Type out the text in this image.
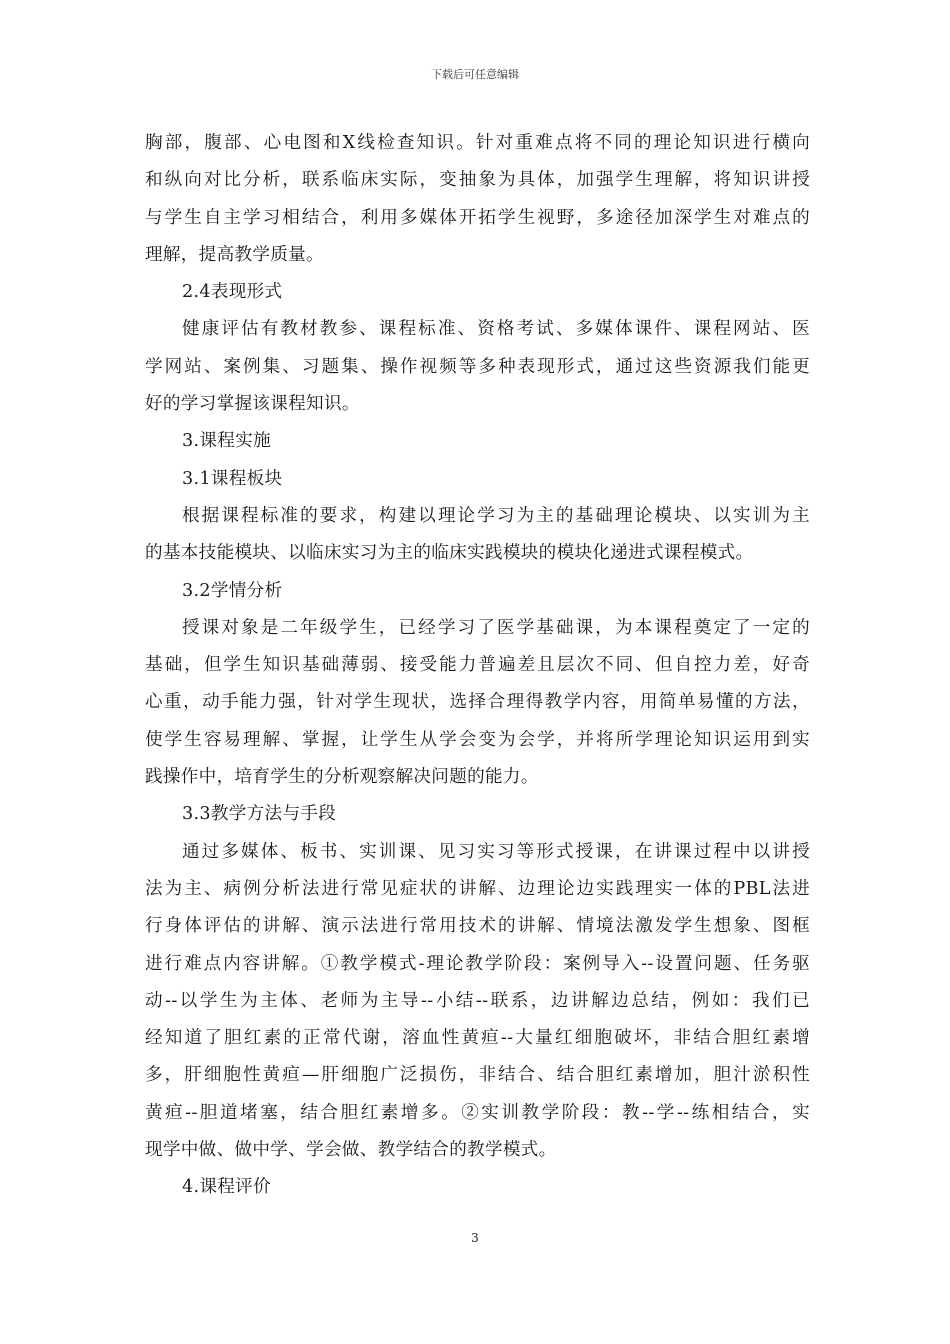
下载后可任意编辑
胸部，腹部、心电图和X线检查知识。针对重难点将不同的理论知识进行横向
和纵向对比分析，联系临床实际，变抽象为具体，加强学生理解，将知识讲授
与学生自主学习相结合，利用多媒体开拓学生视野，多途径加深学生对难点的
理解，提高教学质量。
2.4表现形式
健康评估有教材教参、课程标准、资格考试、多媒体课件、课程网站、医
学网站、案例集、习题集、操作视频等多种表现形式，通过这些资源我们能更
好的学习掌握该课程知识。
3.课程实施
3.1课程板块
根据课程标准的要求，构建以理论学习为主的基础理论模块、以实训为主
的基本技能模块、以临床实习为主的临床实践模块的模块化递进式课程模式。
3.2学情分析
授课对象是二年级学生，已经学习了医学基础课，为本课程奠定了一定的
基础，但学生知识基础薄弱、接受能力普遍差且层次不同、但自控力差，好奇
心重，动手能力强，针对学生现状，选择合理得教学内容，用简单易懂的方法，
使学生容易理解、掌握，让学生从学会变为会学，并将所学理论知识运用到实
践操作中，培育学生的分析观察解决问题的能力。
3.3教学方法与手段
通过多媒体、板书、实训课、见习实习等形式授课，在讲课过程中以讲授
法为主、病例分析法进行常见症状的讲解、边理论边实践理实一体的PBL法进
行身体评估的讲解、演示法进行常用技术的讲解、情境法激发学生想象、图框
进行难点内容讲解。①教学模式-理论教学阶段：案例导入--设置问题、任务驱
动--以学生为主体、老师为主导--小结--联系，边讲解边总结，例如：我们已
经知道了胆红素的正常代谢，溶血性黄疸--大量红细胞破坏，非结合胆红素增
多，肝细胞性黄疸—肝细胞广泛损伤，非结合、结合胆红素增加，胆汁淤积性
黄疸--胆道堵塞，结合胆红素增多。②实训教学阶段：教--学--练相结合，实
现学中做、做中学、学会做、教学结合的教学模式。
4.课程评价
3
